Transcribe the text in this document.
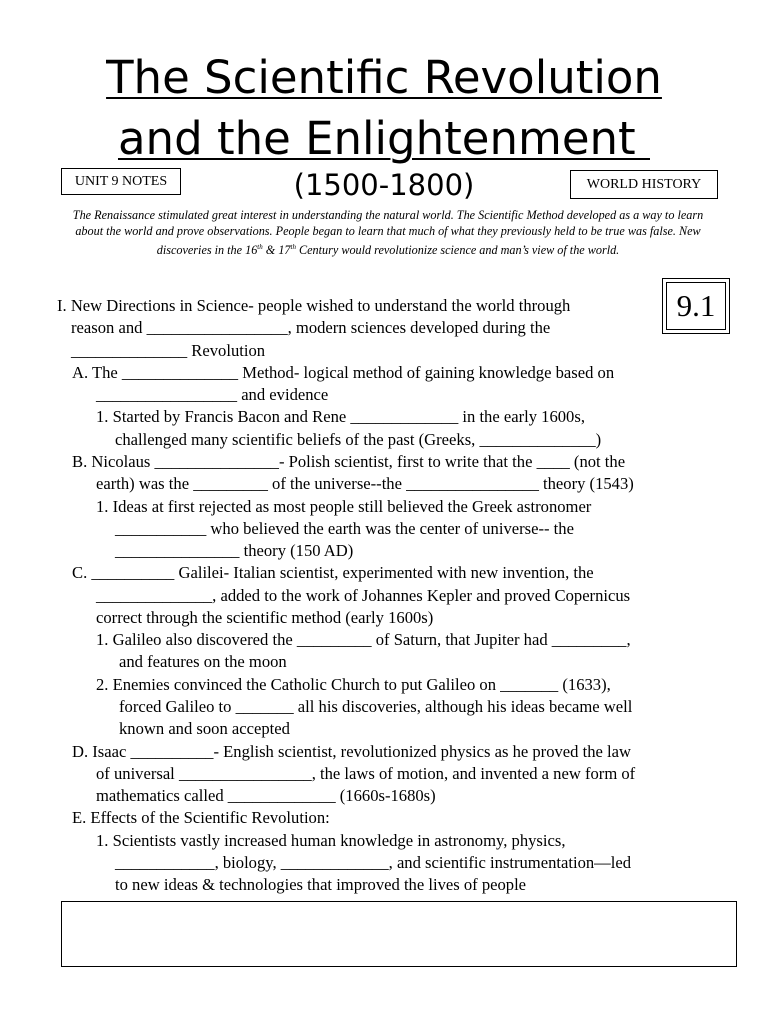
The Scientific Revolution
and the Enlightenment
UNIT 9 NOTES	(1500-1800)	WORLD HISTORY
The Renaissance stimulated great interest in understanding the natural world. The Scientific Method developed as a way to learn about the world and prove observations. People began to learn that much of what they previously held to be true was false. New discoveries in the 16th & 17th Century would revolutionize science and man’s view of the world.
9.1
I. New Directions in Science- people wished to understand the world through
reason and _________________, modern sciences developed during the
______________ Revolution
A. The ______________ Method- logical method of gaining knowledge based on
_________________ and evidence
1. Started by Francis Bacon and Rene _____________ in the early 1600s,
challenged many scientific beliefs of the past (Greeks, ______________)
B. Nicolaus _______________- Polish scientist, first to write that the ____ (not the
earth) was the _________ of the universe--the ________________ theory (1543)
1. Ideas at first rejected as most people still believed the Greek astronomer
___________ who believed the earth was the center of universe-- the
_______________ theory (150 AD)
C. __________ Galilei- Italian scientist, experimented with new invention, the
______________, added to the work of Johannes Kepler and proved Copernicus
correct through the scientific method (early 1600s)
1. Galileo also discovered the _________ of Saturn, that Jupiter had _________,
and features on the moon
2. Enemies convinced the Catholic Church to put Galileo on _______ (1633),
forced Galileo to _______ all his discoveries, although his ideas became well
known and soon accepted
D. Isaac __________- English scientist, revolutionized physics as he proved the law
of universal ________________, the laws of motion, and invented a new form of
mathematics called _____________ (1660s-1680s)
E. Effects of the Scientific Revolution:
1. Scientists vastly increased human knowledge in astronomy, physics,
____________, biology, _____________, and scientific instrumentation—led
to new ideas & technologies that improved the lives of people
